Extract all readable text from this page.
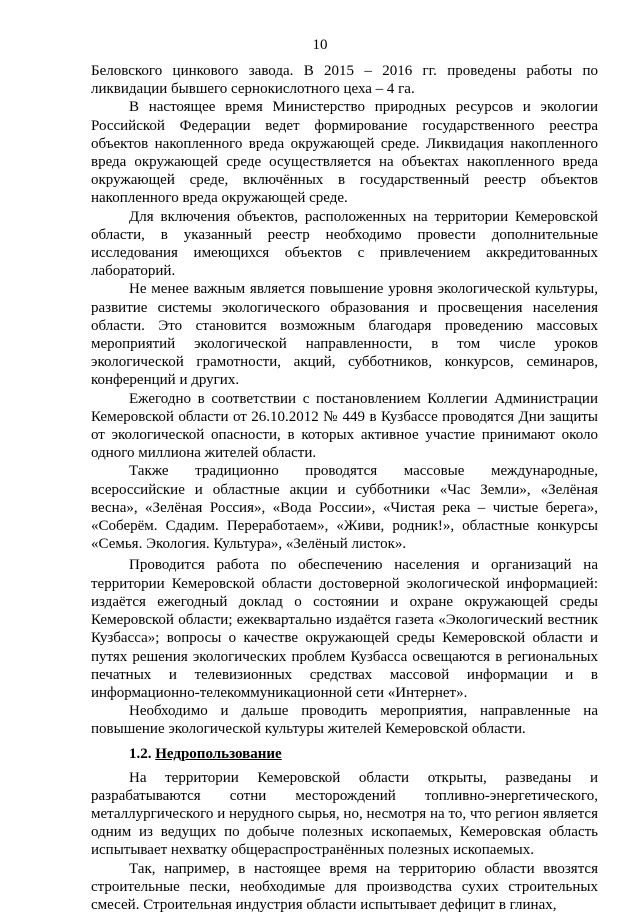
10

Беловского цинкового завода. В 2015 – 2016 гг. проведены работы по ликвидации бывшего сернокислотного цеха – 4 га.

В настоящее время Министерство природных ресурсов и экологии Российской Федерации ведет формирование государственного реестра объектов накопленного вреда окружающей среде. Ликвидация накопленного вреда окружающей среде осуществляется на объектах накопленного вреда окружающей среде, включённых в государственный реестр объектов накопленного вреда окружающей среде.

Для включения объектов, расположенных на территории Кемеровской области, в указанный реестр необходимо провести дополнительные исследования имеющихся объектов с привлечением аккредитованных лабораторий.

Не менее важным является повышение уровня экологической культуры, развитие системы экологического образования и просвещения населения области. Это становится возможным благодаря проведению массовых мероприятий экологической направленности, в том числе уроков экологической грамотности, акций, субботников, конкурсов, семинаров, конференций и других.

Ежегодно в соответствии с постановлением Коллегии Администрации Кемеровской области от 26.10.2012 № 449 в Кузбассе проводятся Дни защиты от экологической опасности, в которых активное участие принимают около одного миллиона жителей области.

Также традиционно проводятся массовые международные, всероссийские и областные акции и субботники «Час Земли», «Зелёная весна», «Зелёная Россия», «Вода России», «Чистая река – чистые берега», «Соберём. Сдадим. Переработаем», «Живи, родник!», областные конкурсы «Семья. Экология. Культура», «Зелёный листок».

Проводится работа по обеспечению населения и организаций на территории Кемеровской области достоверной экологической информацией: издаётся ежегодный доклад о состоянии и охране окружающей среды Кемеровской области; ежеквартально издаётся газета «Экологический вестник Кузбасса»; вопросы о качестве окружающей среды Кемеровской области и путях решения экологических проблем Кузбасса освещаются в региональных печатных и телевизионных средствах массовой информации и в информационно-телекоммуникационной сети «Интернет».

Необходимо и дальше проводить мероприятия, направленные на повышение экологической культуры жителей Кемеровской области.

1.2. Недропользование

На территории Кемеровской области открыты, разведаны и разрабатываются сотни месторождений топливно-энергетического, металлургического и нерудного сырья, но, несмотря на то, что регион является одним из ведущих по добыче полезных ископаемых, Кемеровская область испытывает нехватку общераспространённых полезных ископаемых.

Так, например, в настоящее время на территорию области ввозятся строительные пески, необходимые для производства сухих строительных смесей. Строительная индустрия области испытывает дефицит в глинах,
